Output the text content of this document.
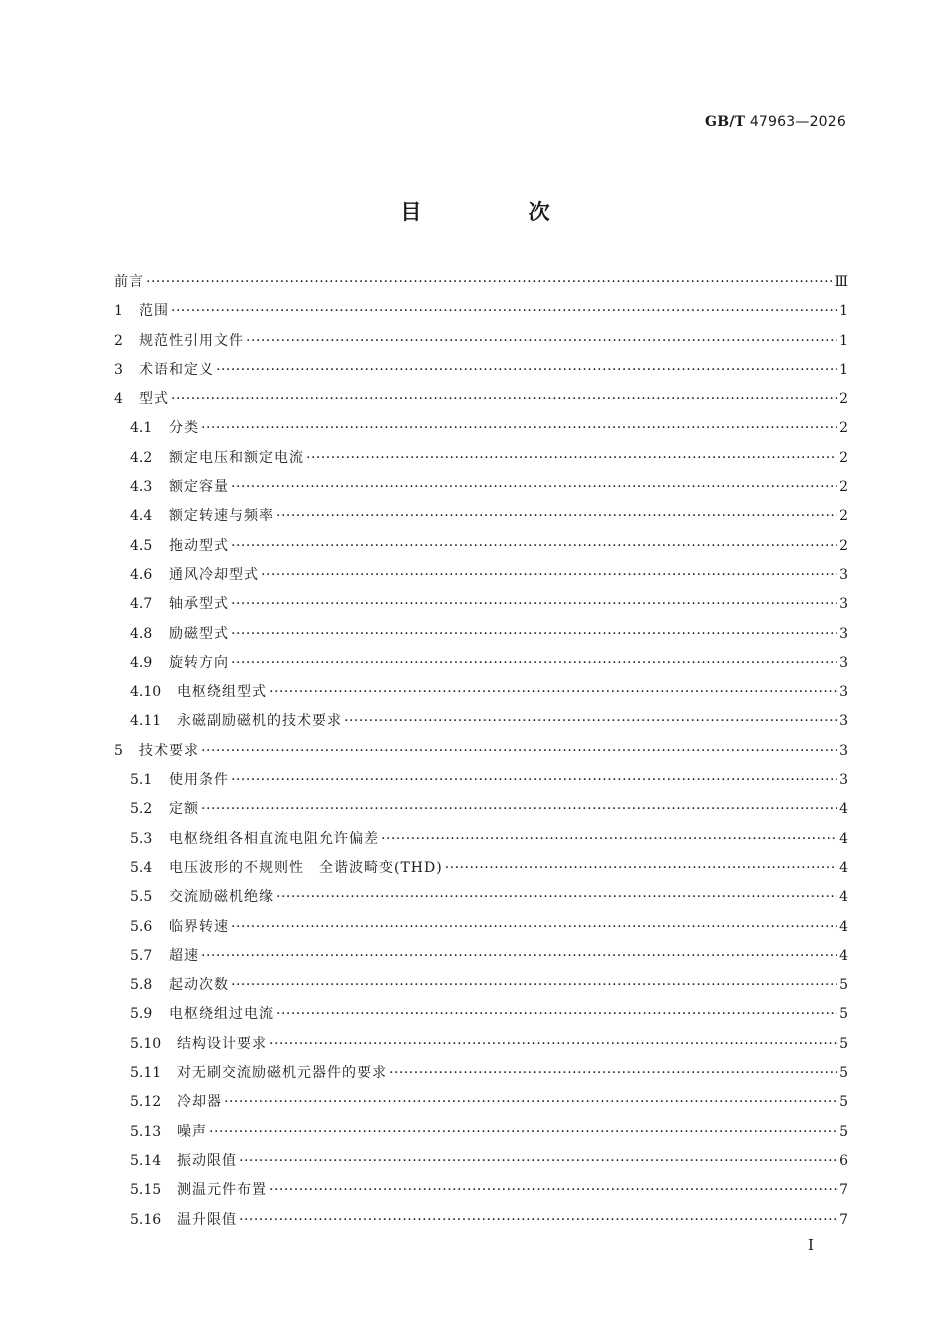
GB/T 47963—2026
目 次
前言 ·····	Ⅲ
1	范围 ·····	1
2	规范性引用文件 ·····	1
3	术语和定义 ·····	1
4	型式 ·····	2
4.1	分类 ·····	2
4.2	额定电压和额定电流 ·····	2
4.3	额定容量 ·····	2
4.4	额定转速与频率 ·····	2
4.5	拖动型式 ·····	2
4.6	通风冷却型式 ·····	3
4.7	轴承型式 ·····	3
4.8	励磁型式 ·····	3
4.9	旋转方向 ·····	3
4.10	电枢绕组型式 ·····	3
4.11	永磁副励磁机的技术要求 ·····	3
5	技术要求 ·····	3
5.1	使用条件 ·····	3
5.2	定额 ·····	4
5.3	电枢绕组各相直流电阻允许偏差 ·····	4
5.4	电压波形的不规则性　全谐波畸变(THD) ·····	4
5.5	交流励磁机绝缘 ·····	4
5.6	临界转速 ·····	4
5.7	超速 ·····	4
5.8	起动次数 ·····	5
5.9	电枢绕组过电流 ·····	5
5.10	结构设计要求 ·····	5
5.11	对无刷交流励磁机元器件的要求 ·····	5
5.12	冷却器 ·····	5
5.13	噪声 ·····	5
5.14	振动限值 ·····	6
5.15	测温元件布置 ·····	7
5.16	温升限值 ·····	7
Ⅰ
